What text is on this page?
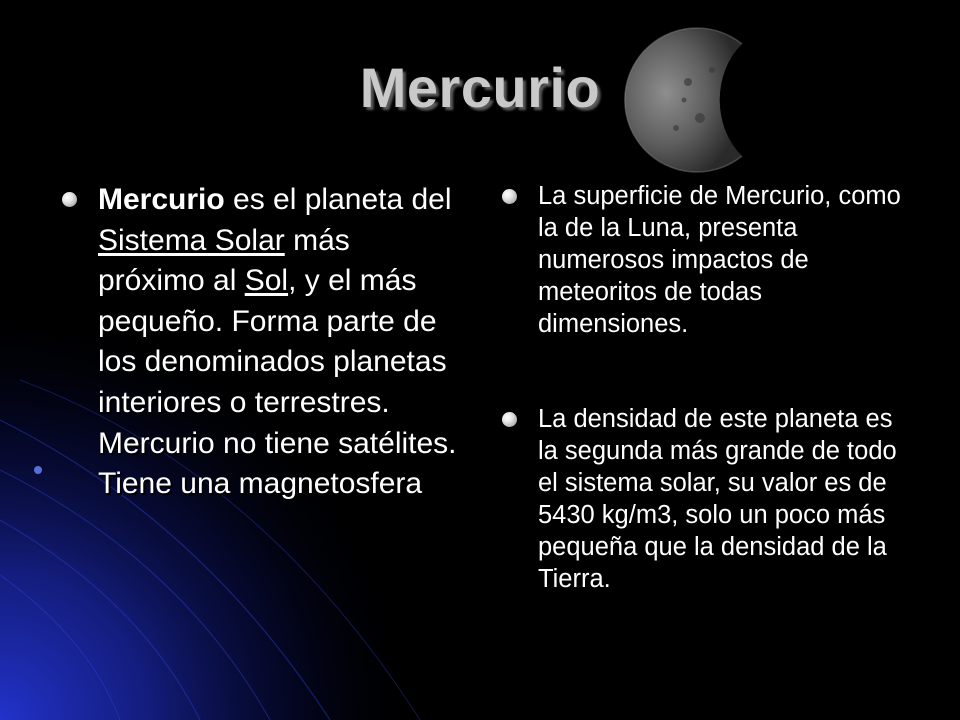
Mercurio
Mercurio es el planeta del Sistema Solar más próximo al Sol, y el más pequeño. Forma parte de los denominados planetas interiores o terrestres. Mercurio no tiene satélites. Tiene una magnetosfera
La superficie de Mercurio, como la de la Luna, presenta numerosos impactos de meteoritos de todas dimensiones.
La densidad de este planeta es la segunda más grande de todo el sistema solar, su valor es de 5430 kg/m3, solo un poco más pequeña que la densidad de la Tierra.
